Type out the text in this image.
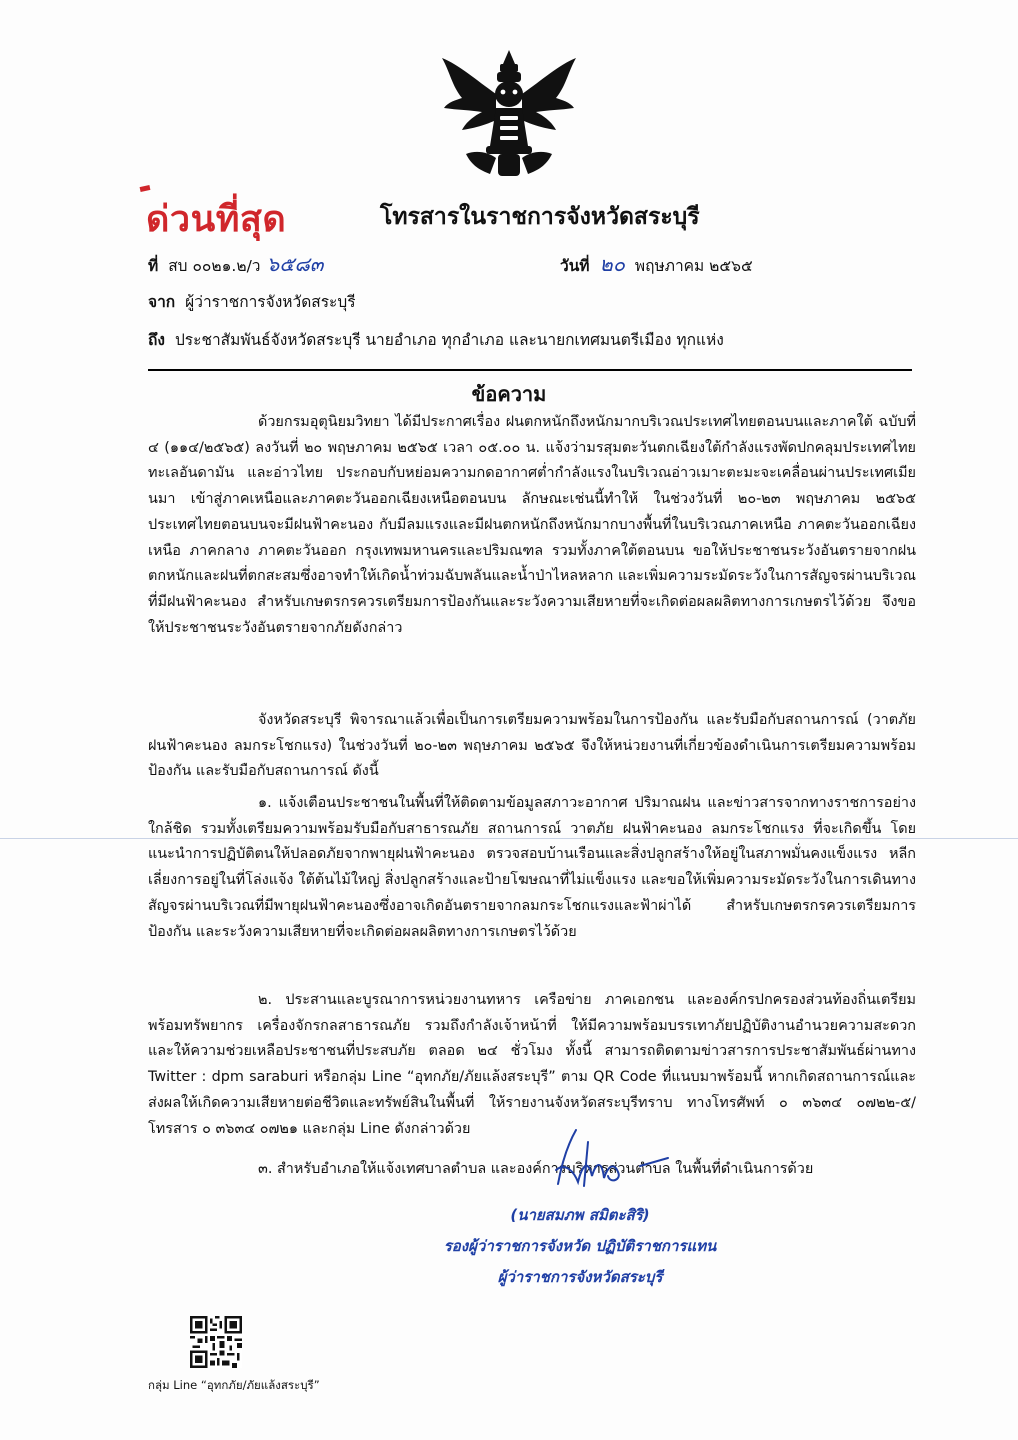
ด่วนที่สุด	โทรสารในราชการจังหวัดสระบุรี
ที่ สบ ๐๐๒๑.๒/ว ๖๕๘๓	วันที่ ๒๐ พฤษภาคม ๒๕๖๕
จาก ผู้ว่าราชการจังหวัดสระบุรี
ถึง ประชาสัมพันธ์จังหวัดสระบุรี นายอำเภอ ทุกอำเภอ และนายกเทศมนตรีเมือง ทุกแห่ง
ข้อความ
ด้วยกรมอุตุนิยมวิทยา ได้มีประกาศเรื่อง ฝนตกหนักถึงหนักมากบริเวณประเทศไทยตอนบนและภาคใต้ ฉบับที่ ๔ (๑๑๔/๒๕๖๕) ลงวันที่ ๒๐ พฤษภาคม ๒๕๖๕ เวลา ๐๕.๐๐ น. แจ้งว่ามรสุมตะวันตกเฉียงใต้กำลังแรงพัดปกคลุมประเทศไทย ทะเลอันดามัน และอ่าวไทย ประกอบกับหย่อมความกดอากาศต่ำกำลังแรงในบริเวณอ่าวเมาะตะมะจะเคลื่อนผ่านประเทศเมียนมา เข้าสู่ภาคเหนือและภาคตะวันออกเฉียงเหนือตอนบน ลักษณะเช่นนี้ทำให้ ในช่วงวันที่ ๒๐-๒๓ พฤษภาคม ๒๕๖๕ ประเทศไทยตอนบนจะมีฝนฟ้าคะนอง กับมีลมแรงและมีฝนตกหนักถึงหนักมากบางพื้นที่ในบริเวณภาคเหนือ ภาคตะวันออกเฉียงเหนือ ภาคกลาง ภาคตะวันออก กรุงเทพมหานครและปริมณฑล รวมทั้งภาคใต้ตอนบน ขอให้ประชาชนระวังอันตรายจากฝนตกหนักและฝนที่ตกสะสมซึ่งอาจทำให้เกิดน้ำท่วมฉับพลันและน้ำป่าไหลหลาก และเพิ่มความระมัดระวังในการสัญจรผ่านบริเวณที่มีฝนฟ้าคะนอง สำหรับเกษตรกรควรเตรียมการป้องกันและระวังความเสียหายที่จะเกิดต่อผลผลิตทางการเกษตรไว้ด้วย จึงขอให้ประชาชนระวังอันตรายจากภัยดังกล่าว
จังหวัดสระบุรี พิจารณาแล้วเพื่อเป็นการเตรียมความพร้อมในการป้องกัน และรับมือกับสถานการณ์ (วาตภัย ฝนฟ้าคะนอง ลมกระโชกแรง) ในช่วงวันที่ ๒๐-๒๓ พฤษภาคม ๒๕๖๕ จึงให้หน่วยงานที่เกี่ยวข้องดำเนินการเตรียมความพร้อมป้องกัน และรับมือกับสถานการณ์ ดังนี้
๑. แจ้งเตือนประชาชนในพื้นที่ให้ติดตามข้อมูลสภาวะอากาศ ปริมาณฝน และข่าวสารจากทางราชการอย่างใกล้ชิด รวมทั้งเตรียมความพร้อมรับมือกับสาธารณภัย สถานการณ์ วาตภัย ฝนฟ้าคะนอง ลมกระโชกแรง ที่จะเกิดขึ้น โดยแนะนำการปฏิบัติตนให้ปลอดภัยจากพายุฝนฟ้าคะนอง ตรวจสอบบ้านเรือนและสิ่งปลูกสร้างให้อยู่ในสภาพมั่นคงแข็งแรง หลีกเลี่ยงการอยู่ในที่โล่งแจ้ง ใต้ต้นไม้ใหญ่ สิ่งปลูกสร้างและป้ายโฆษณาที่ไม่แข็งแรง และขอให้เพิ่มความระมัดระวังในการเดินทางสัญจรผ่านบริเวณที่มีพายุฝนฟ้าคะนองซึ่งอาจเกิดอันตรายจากลมกระโชกแรงและฟ้าผ่าได้ สำหรับเกษตรกรควรเตรียมการป้องกัน และระวังความเสียหายที่จะเกิดต่อผลผลิตทางการเกษตรไว้ด้วย
๒. ประสานและบูรณาการหน่วยงานทหาร เครือข่าย ภาคเอกชน และองค์กรปกครองส่วนท้องถิ่นเตรียมพร้อมทรัพยากร เครื่องจักรกลสาธารณภัย รวมถึงกำลังเจ้าหน้าที่ ให้มีความพร้อมบรรเทาภัยปฏิบัติงานอำนวยความสะดวก และให้ความช่วยเหลือประชาชนที่ประสบภัย ตลอด ๒๔ ชั่วโมง ทั้งนี้ สามารถติดตามข่าวสารการประชาสัมพันธ์ผ่านทาง Twitter : dpm saraburi หรือกลุ่ม Line “อุทกภัย/ภัยแล้งสระบุรี” ตาม QR Code ที่แนบมาพร้อมนี้ หากเกิดสถานการณ์และส่งผลให้เกิดความเสียหายต่อชีวิตและทรัพย์สินในพื้นที่ ให้รายงานจังหวัดสระบุรีทราบ ทางโทรศัพท์ ๐ ๓๖๓๔ ๐๗๒๒-๕/โทรสาร ๐ ๓๖๓๔ ๐๗๒๑ และกลุ่ม Line ดังกล่าวด้วย
๓. สำหรับอำเภอให้แจ้งเทศบาลตำบล และองค์การบริหารส่วนตำบล ในพื้นที่ดำเนินการด้วย
(นายสมภพ สมิตะสิริ)
รองผู้ว่าราชการจังหวัด ปฏิบัติราชการแทน
ผู้ว่าราชการจังหวัดสระบุรี
กลุ่ม Line “อุทกภัย/ภัยแล้งสระบุรี”
